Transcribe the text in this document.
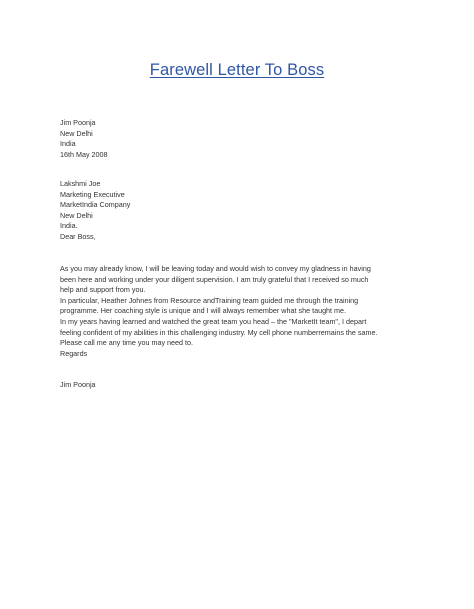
Farewell Letter To Boss
Jim Poonja
New Delhi
India
16th May 2008
Lakshmi Joe
Marketing Executive
MarketIndia Company
New Delhi
India.
Dear Boss,
As you may already know, I will be leaving today and would wish to convey my gladness in having
been here and working under your diligent supervision. I am truly grateful that I received so much
help and support from you.
In particular, Heather Johnes from Resource andTraining team guided me through the training
programme. Her coaching style is unique and I will always remember what she taught me.
In my years having learned and watched the great team you head – the "MarketIt team", I depart
feeling confident of my abilities in this challenging industry. My cell phone numberremains the same.
Please call me any time you may need to.
Regards
Jim Poonja
